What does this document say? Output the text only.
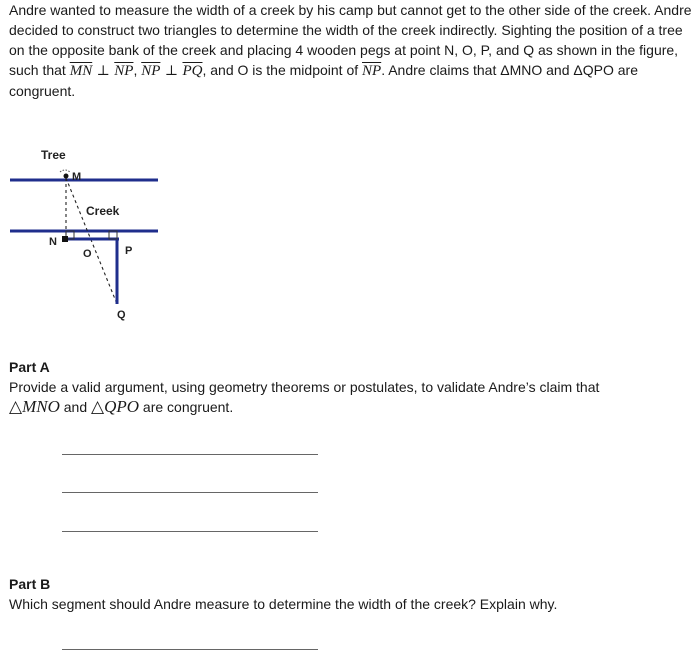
Andre wanted to measure the width of a creek by his camp but cannot get to the other side of the creek. Andre decided to construct two triangles to determine the width of the creek indirectly. Sighting the position of a tree on the opposite bank of the creek and placing 4 wooden pegs at point N, O, P, and Q as shown in the figure, such that $\overline{MN}$ ⊥ $\overline{NP}$, $\overline{NP}$ ⊥ $\overline{PQ}$, and O is the midpoint of $\overline{NP}$. Andre claims that ΔMNO and ΔQPO are congruent.

Tree
M
Creek
N
O	P
Q
Part A
Provide a valid argument, using geometry theorems or postulates, to validate Andre’s claim that
△MNO and △QPO are congruent.
Part B
Which segment should Andre measure to determine the width of the creek? Explain why.
